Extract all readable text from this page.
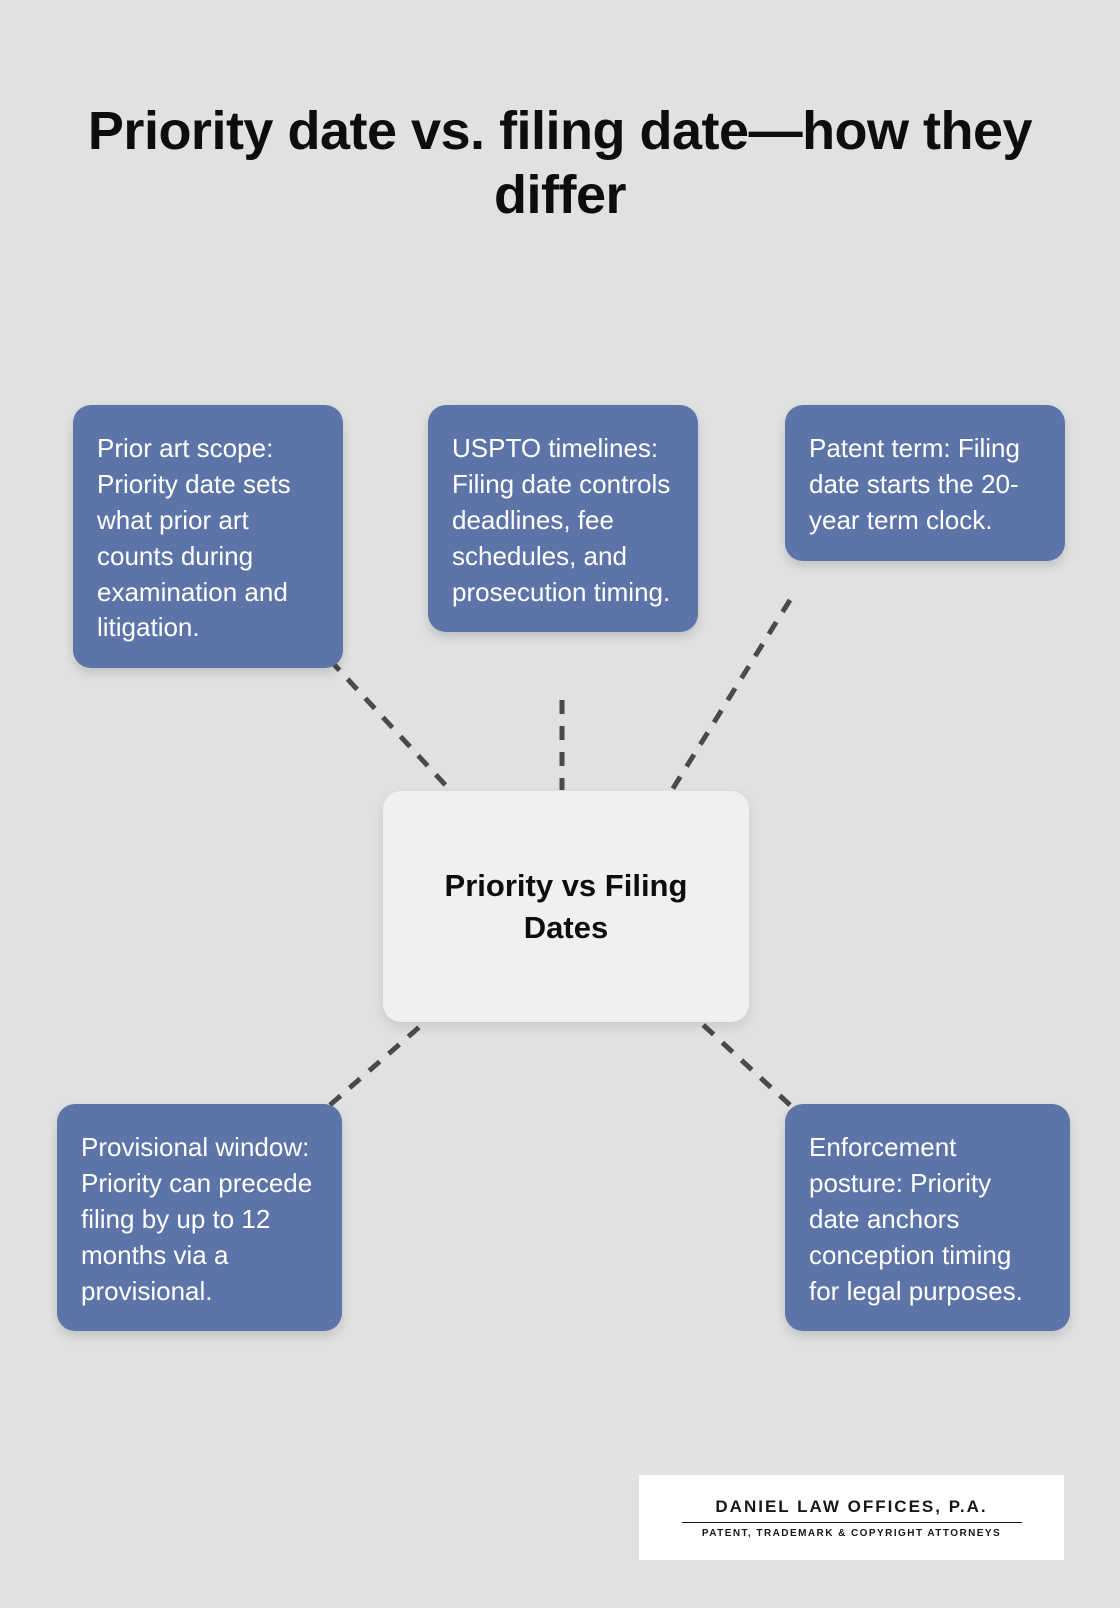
Priority date vs. filing date—how they differ
Prior art scope: Priority date sets what prior art counts during examination and litigation.
USPTO timelines: Filing date controls deadlines, fee schedules, and prosecution timing.
Patent term: Filing date starts the 20-year term clock.
Provisional window: Priority can precede filing by up to 12 months via a provisional.
Enforcement posture: Priority date anchors conception timing for legal purposes.
Priority vs Filing Dates
DANIEL LAW OFFICES, P.A.
PATENT, TRADEMARK & COPYRIGHT ATTORNEYS
